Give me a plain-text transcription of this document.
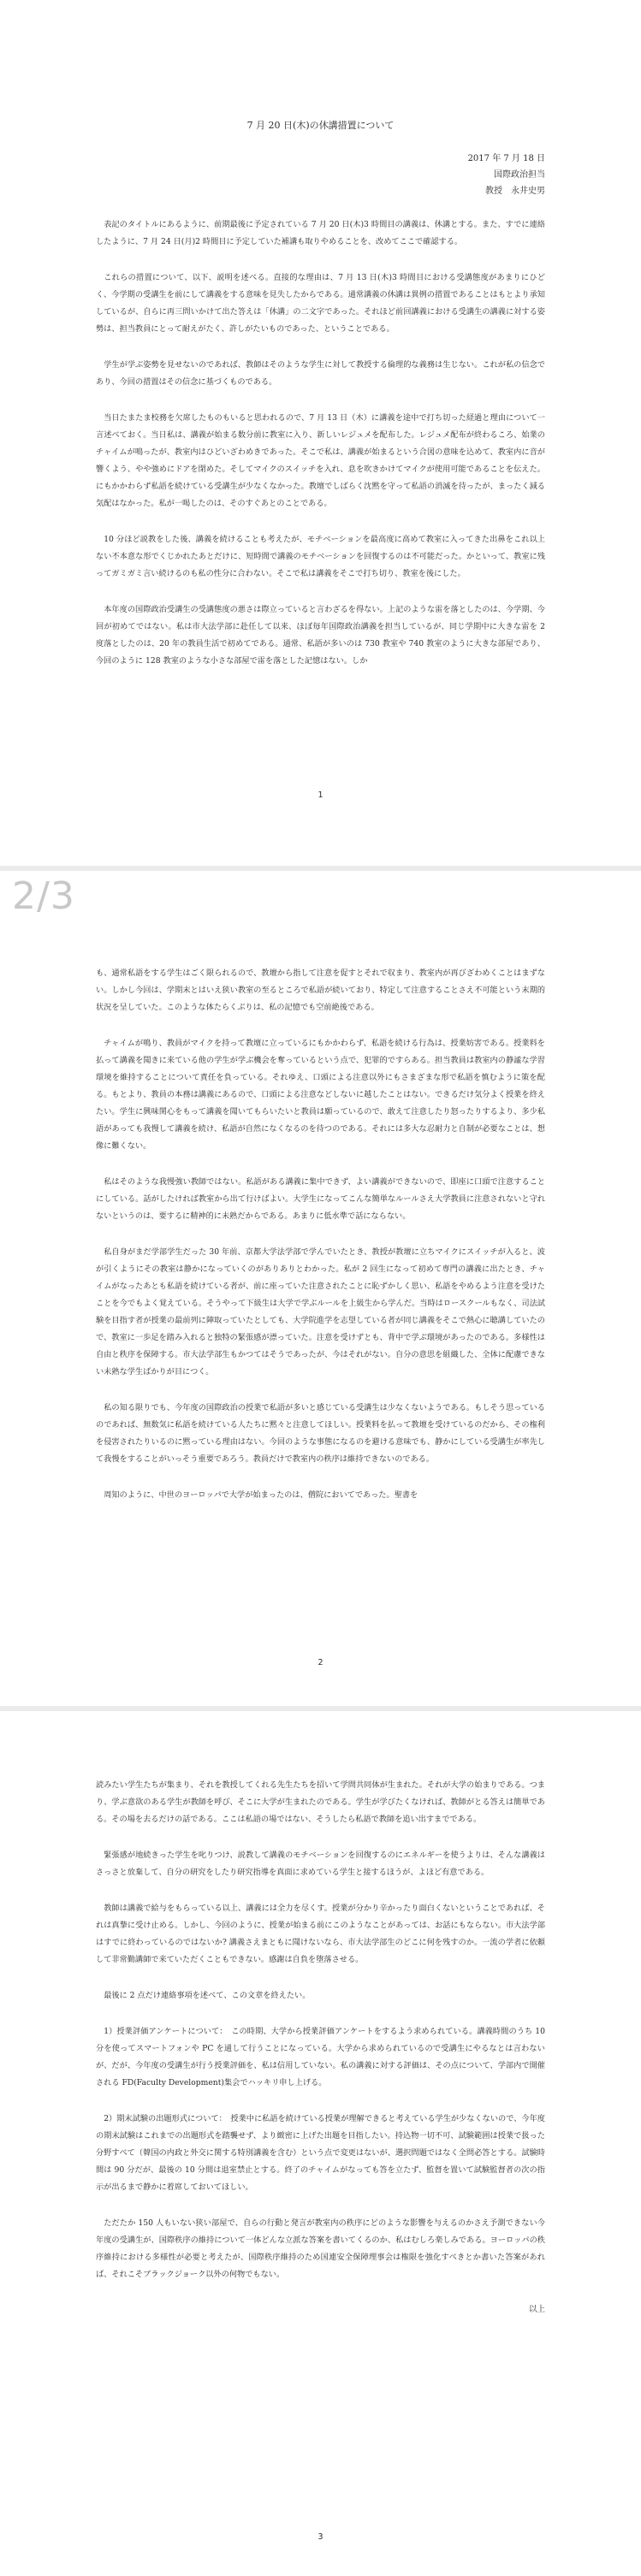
7 月 20 日(木)の休講措置について
2017 年 7 月 18 日
国際政治担当
教授　永井史男

表記のタイトルにあるように、前期最後に予定されている 7 月 20 日(木)3 時間目の講義は、休講とする。また、すでに連絡したように、7 月 24 日(月)2 時間目に予定していた補講も取りやめることを、改めてここで確認する。

これらの措置について、以下、説明を述べる。直接的な理由は、7 月 13 日(木)3 時間目における受講態度があまりにひどく、今学期の受講生を前にして講義をする意味を見失したからである。通常講義の休講は異例の措置であることはもとより承知しているが、自らに再三問いかけて出た答えは「休講」の二文字であった。それほど前回講義における受講生の講義に対する姿勢は、担当教員にとって耐えがたく、許しがたいものであった、ということである。

学生が学ぶ姿勢を見せないのであれば、教師はそのような学生に対して教授する倫理的な義務は生じない。これが私の信念であり、今回の措置はその信念に基づくものである。

当日たまたま校務を欠席したものもいると思われるので、7 月 13 日（木）に講義を途中で打ち切った経過と理由について一言述べておく。当日私は、講義が始まる数分前に教室に入り、新しいレジュメを配布した。レジュメ配布が終わるころ、始業のチャイムが鳴ったが、教室内はひどいざわめきであった。そこで私は、講義が始まるという合図の意味を込めて、教室内に音が響くよう、やや強めにドアを閉めた。そしてマイクのスイッチを入れ、息を吹きかけてマイクが使用可能であることを伝えた。にもかかわらず私語を続けている受講生が少なくなかった。教壇でしばらく沈黙を守って私語の消滅を待ったが、まったく減る気配はなかった。私が一喝したのは、そのすぐあとのことである。

10 分ほど説教をした後、講義を続けることも考えたが、モチベーションを最高度に高めて教室に入ってきた出鼻をこれ以上ない不本意な形でくじかれたあとだけに、短時間で講義のモチベーションを回復するのは不可能だった。かといって、教室に残ってガミガミ言い続けるのも私の性分に合わない。そこで私は講義をそこで打ち切り、教室を後にした。

本年度の国際政治受講生の受講態度の悪さは際立っていると言わざるを得ない。上記のような雷を落としたのは、今学期、今回が初めてではない。私は市大法学部に赴任して以来、ほぼ毎年国際政治講義を担当しているが、同じ学期中に大きな雷を 2 度落としたのは、20 年の教員生活で初めてである。通常、私語が多いのは 730 教室や 740 教室のように大きな部屋であり、今回のように 128 教室のような小さな部屋で雷を落とした記憶はない。しか

1
2/3

も、通常私語をする学生はごく限られるので、教壇から指して注意を促すとそれで収まり、教室内が再びざわめくことはまずない。しかし今回は、学期末とはいえ狭い教室の至るところで私語が続いており、特定して注意することさえ不可能という末期的状況を呈していた。このような体たらくぶりは、私の記憶でも空前絶後である。

チャイムが鳴り、教員がマイクを持って教壇に立っているにもかかわらず、私語を続ける行為は、授業妨害である。授業料を払って講義を聞きに来ている他の学生が学ぶ機会を奪っているという点で、犯罪的ですらある。担当教員は教室内の静謐な学習環境を維持することについて責任を負っている。それゆえ、口頭による注意以外にもさまざまな形で私語を慎むように策を配る。もとより、教員の本務は講義にあるので、口頭による注意などしないに越したことはない。できるだけ気分よく授業を終えたい。学生に興味関心をもって講義を聞いてもらいたいと教員は願っているので、敢えて注意したり怒ったりするより、多少私語があっても我慢して講義を続け、私語が自然になくなるのを待つのである。それには多大な忍耐力と自制が必要なことは、想像に難くない。

私はそのような我慢強い教師ではない。私語がある講義に集中できず、よい講義ができないので、即座に口頭で注意することにしている。話がしたければ教室から出て行けばよい。大学生になってこんな簡単なルールさえ大学教員に注意されないと守れないというのは、要するに精神的に未熟だからである。あまりに低水準で話にならない。

私自身がまだ学部学生だった 30 年前、京都大学法学部で学んでいたとき、教授が教壇に立ちマイクにスイッチが入ると、波が引くようにその教室は静かになっていくのがありありとわかった。私が 2 回生になって初めて専門の講義に出たとき、チャイムがなったあとも私語を続けている者が、前に座っていた注意されたことに恥ずかしく思い、私語をやめるよう注意を受けたことを今でもよく覚えている。そうやって下級生は大学で学ぶルールを上級生から学んだ。当時はロースクールもなく、司法試験を目指す者が授業の最前列に陣取っていたとしても、大学院進学を志望している者が同じ講義をそこで熱心に聴講していたので、教室に一歩足を踏み入れると独特の緊張感が漂っていた。注意を受けずとも、背中で学ぶ環境があったのである。多様性は自由と秩序を保障する。市大法学部生もかつてはそうであったが、今はそれがない。自分の意思を組織した、全体に配慮できない未熟な学生ばかりが目につく。

私の知る限りでも、今年度の国際政治の授業で私語が多いと感じている受講生は少なくないようである。もしそう思っているのであれば、無数気に私語を続けている人たちに黙々と注意してほしい。授業料を払って教壇を受けているのだから、その権利を侵害されたりいるのに黙っている理由はない。今回のような事態になるのを避ける意味でも、静かにしている受講生が率先して我慢をすることがいっそう重要であろう。教員だけで教室内の秩序は維持できないのである。

周知のように、中世のヨーロッパで大学が始まったのは、僧院においてであった。聖書を

2

読みたい学生たちが集まり、それを教授してくれる先生たちを招いて学問共同体が生まれた。それが大学の始まりである。つまり、学ぶ意欲のある学生が教師を呼び、そこに大学が生まれたのである。学生が学びたくなければ、教師がとる答えは簡単である。その場を去るだけの話である。ここは私語の場ではない、そうしたら私語で教師を追い出すまでである。

緊張感が地続きった学生を叱りつけ、説教して講義のモチベーションを回復するのにエネルギーを使うよりは、そんな講義はさっさと放棄して、自分の研究をしたり研究指導を真面に求めている学生と接するほうが、よほど有意である。

教師は講義で給与をもらっている以上、講義には全力を尽くす。授業が分かり辛かったり面白くないということであれば、それは真摯に受け止める。しかし、今回のように、授業が始まる前にこのようなことがあっては、お話にもならない。市大法学部はすでに終わっているのではないか? 講義さえまともに聞けないなら、市大法学部生のどこに何を残すのか。一流の学者に依頼して非常勤講師で来ていただくこともできない。感謝は自負を堕落させる。

最後に 2 点だけ連絡事項を述べて、この文章を終えたい。

1）授業評価アンケートについて：　この時期、大学から授業評価アンケートをするよう求められている。講義時間のうち 10 分を使ってスマートフォンや PC を通して行うことになっている。大学から求められているので受講生にやるなとは言わないが、だが、今年度の受講生が行う授業評価を、私は信用していない。私の講義に対する評価は、その点について、学部内で開催される FD(Faculty Development)集会でハッキリ申し上げる。

2）期末試験の出題形式について：　授業中に私語を続けている授業が理解できると考えている学生が少なくないので、今年度の期末試験はこれまでの出題形式を踏襲せず、より緻密に上げた出題を目指したい。持込物一切不可、試験範囲は授業で扱った分野すべて（韓国の内政と外交に関する特別講義を含む）という点で変更はないが、選択問題ではなく全問必答とする。試験時間は 90 分だが、最後の 10 分間は退室禁止とする。終了のチャイムがなっても答を立たず、監督を置いて試験監督者の次の指示が出るまで静かに着席しておいてほしい。

ただたか 150 人もいない狭い部屋で、自らの行動と発言が教室内の秩序にどのような影響を与えるのかさえ予測できない今年度の受講生が、国際秩序の維持について一体どんな立派な答案を書いてくるのか、私はむしろ楽しみである。ヨーロッパの秩序維持における多様性が必要と考えたが、国際秩序維持のため国連安全保障理事会は権限を強化すべきとか書いた答案があれば、それこそブラックジョーク以外の何物でもない。

以上
3
